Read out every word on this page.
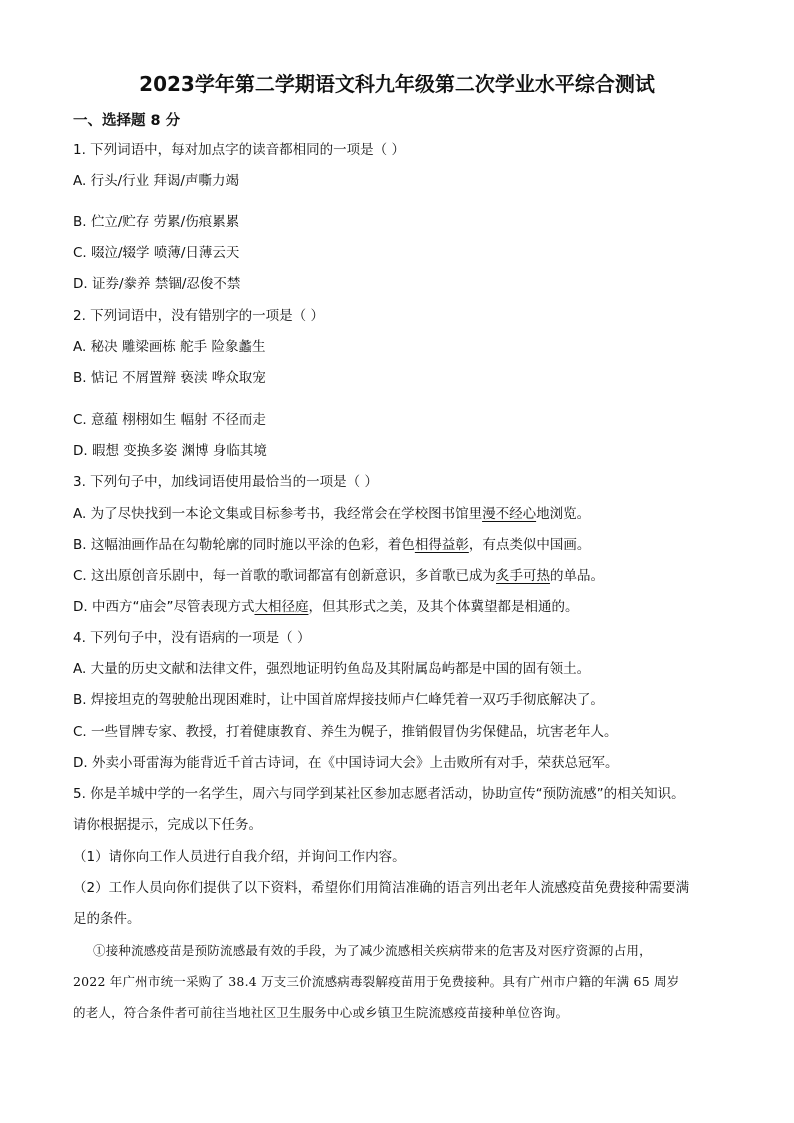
2023学年第二学期语文科九年级第二次学业水平综合测试
一、选择题 8 分
1. 下列词语中，每对加点字的读音都相同的一项是（ ）
A. 行头/行业 拜谒/声嘶力竭
B. 伫立/贮存 劳累/伤痕累累
C. 啜泣/辍学 喷薄/日薄云天
D. 证券/豢养 禁锢/忍俊不禁
2. 下列词语中，没有错别字的一项是（ ）
A. 秘决 雕梁画栋 舵手 险象蠡生
B. 惦记 不屑置辩 亵渎 哗众取宠
C. 意蕴 栩栩如生 幅射 不径而走
D. 暇想 变换多姿 渊博 身临其境
3. 下列句子中，加线词语使用最恰当的一项是（ ）
A. 为了尽快找到一本论文集或目标参考书，我经常会在学校图书馆里漫不经心地浏览。
B. 这幅油画作品在勾勒轮廓的同时施以平涂的色彩，着色相得益彰，有点类似中国画。
C. 这出原创音乐剧中，每一首歌的歌词都富有创新意识，多首歌已成为炙手可热的单品。
D. 中西方“庙会”尽管表现方式大相径庭，但其形式之美，及其个体冀望都是相通的。
4. 下列句子中，没有语病的一项是（ ）
A. 大量的历史文献和法律文件，强烈地证明钓鱼岛及其附属岛屿都是中国的固有领土。
B. 焊接坦克的驾驶舱出现困难时，让中国首席焊接技师卢仁峰凭着一双巧手彻底解决了。
C. 一些冒牌专家、教授，打着健康教育、养生为幌子，推销假冒伪劣保健品，坑害老年人。
D. 外卖小哥雷海为能背近千首古诗词，在《中国诗词大会》上击败所有对手，荣获总冠军。
5. 你是羊城中学的一名学生，周六与同学到某社区参加志愿者活动，协助宣传“预防流感”的相关知识。
请你根据提示，完成以下任务。
（1）请你向工作人员进行自我介绍，并询问工作内容。
（2）工作人员向你们提供了以下资料，希望你们用简洁准确的语言列出老年人流感疫苗免费接种需要满
足的条件。
①接种流感疫苗是预防流感最有效的手段，为了减少流感相关疾病带来的危害及对医疗资源的占用，
2022 年广州市统一采购了 38.4 万支三价流感病毒裂解疫苗用于免费接种。具有广州市户籍的年满 65 周岁
的老人，符合条件者可前往当地社区卫生服务中心或乡镇卫生院流感疫苗接种单位咨询。
